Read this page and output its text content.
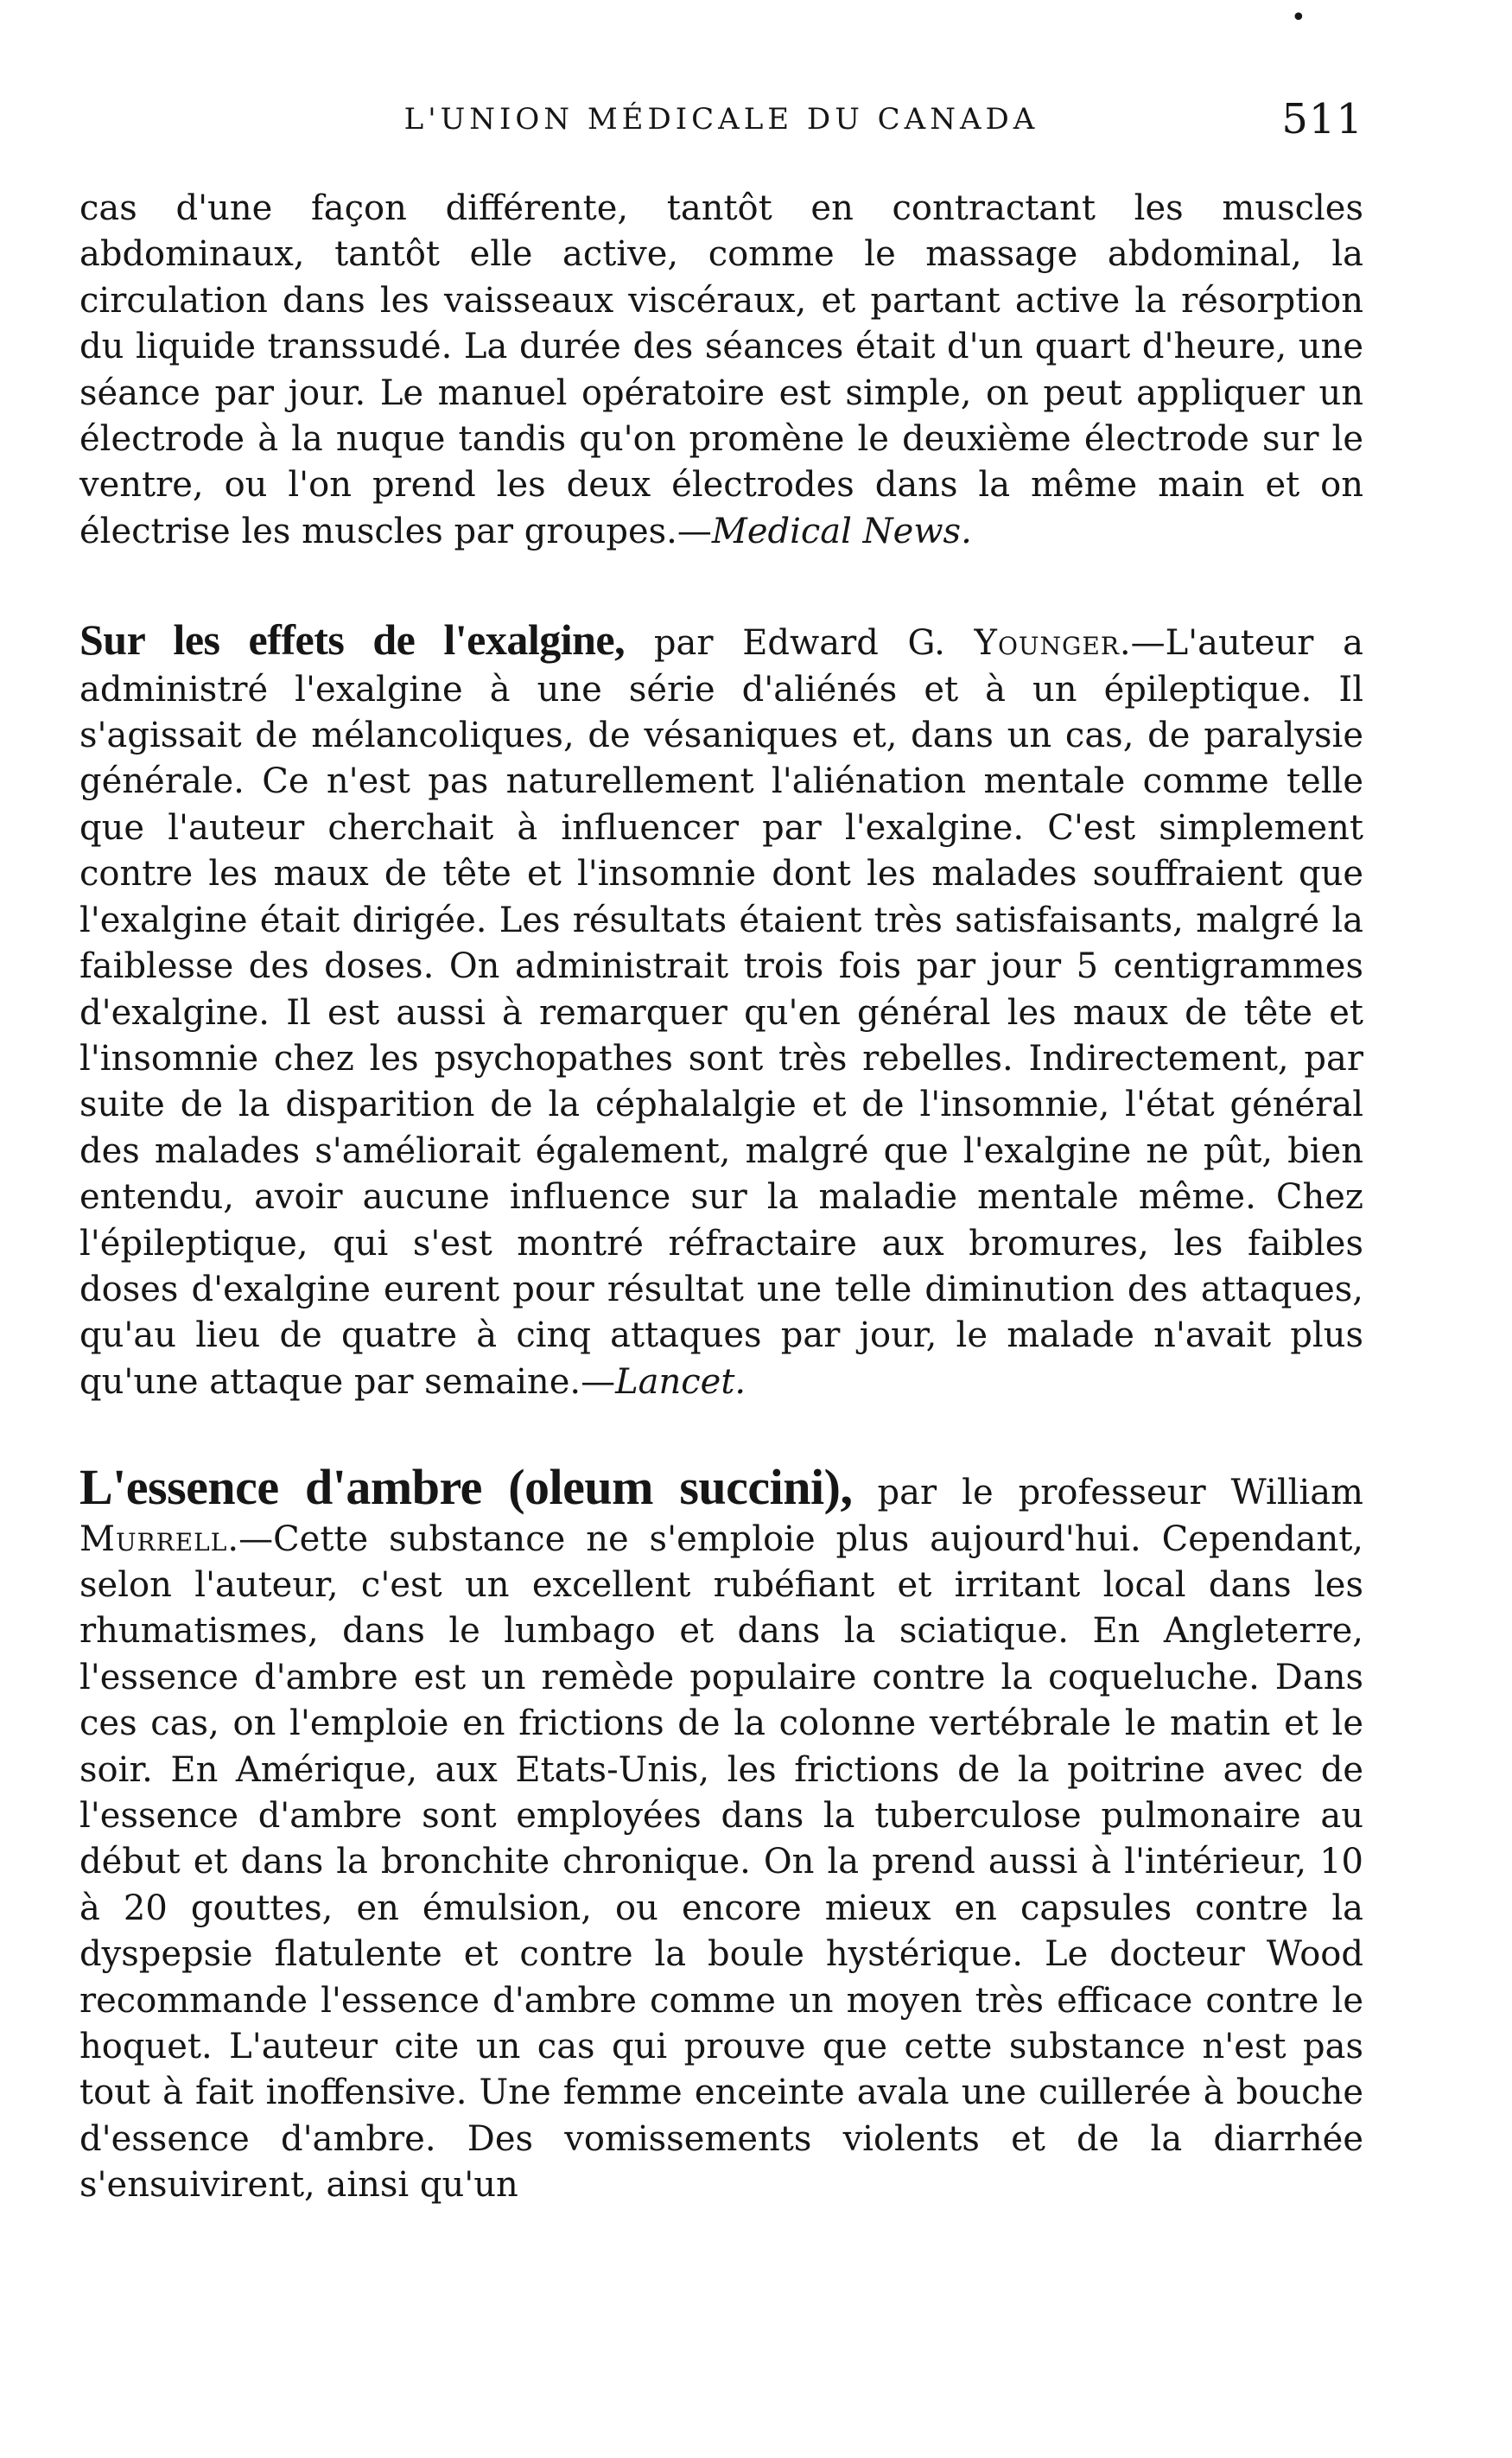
•
L'UNION MÉDICALE DU CANADA	511

cas d'une façon différente, tantôt en contractant les muscles abdominaux, tantôt elle active, comme le massage abdominal, la circulation dans les vaisseaux viscéraux, et partant active la résorption du liquide transsudé. La durée des séances était d'un quart d'heure, une séance par jour. Le manuel opératoire est simple, on peut appliquer un électrode à la nuque tandis qu'on promène le deuxième électrode sur le ventre, ou l'on prend les deux électrodes dans la même main et on électrise les muscles par groupes.—Medical News.

Sur les effets de l'exalgine, par Edward G. Younger.—L'auteur a administré l'exalgine à une série d'aliénés et à un épileptique. Il s'agissait de mélancoliques, de vésaniques et, dans un cas, de paralysie générale. Ce n'est pas naturellement l'aliénation mentale comme telle que l'auteur cherchait à influencer par l'exalgine. C'est simplement contre les maux de tête et l'insomnie dont les malades souffraient que l'exalgine était dirigée. Les résultats étaient très satisfaisants, malgré la faiblesse des doses. On administrait trois fois par jour 5 centigrammes d'exalgine. Il est aussi à remarquer qu'en général les maux de tête et l'insomnie chez les psychopathes sont très rebelles. Indirectement, par suite de la disparition de la céphalalgie et de l'insomnie, l'état général des malades s'améliorait également, malgré que l'exalgine ne pût, bien entendu, avoir aucune influence sur la maladie mentale même. Chez l'épileptique, qui s'est montré réfractaire aux bromures, les faibles doses d'exalgine eurent pour résultat une telle diminution des attaques, qu'au lieu de quatre à cinq attaques par jour, le malade n'avait plus qu'une attaque par semaine.—Lancet.

L'essence d'ambre (oleum succini), par le professeur William Murrell.—Cette substance ne s'emploie plus aujourd'hui. Cependant, selon l'auteur, c'est un excellent rubéfiant et irritant local dans les rhumatismes, dans le lumbago et dans la sciatique. En Angleterre, l'essence d'ambre est un remède populaire contre la coqueluche. Dans ces cas, on l'emploie en frictions de la colonne vertébrale le matin et le soir. En Amérique, aux Etats-Unis, les frictions de la poitrine avec de l'essence d'ambre sont employées dans la tuberculose pulmonaire au début et dans la bronchite chronique. On la prend aussi à l'intérieur, 10 à 20 gouttes, en émulsion, ou encore mieux en capsules contre la dyspepsie flatulente et contre la boule hystérique. Le docteur Wood recommande l'essence d'ambre comme un moyen très efficace contre le hoquet. L'auteur cite un cas qui prouve que cette substance n'est pas tout à fait inoffensive. Une femme enceinte avala une cuillerée à bouche d'essence d'ambre. Des vomissements violents et de la diarrhée s'ensuivirent, ainsi qu'un
